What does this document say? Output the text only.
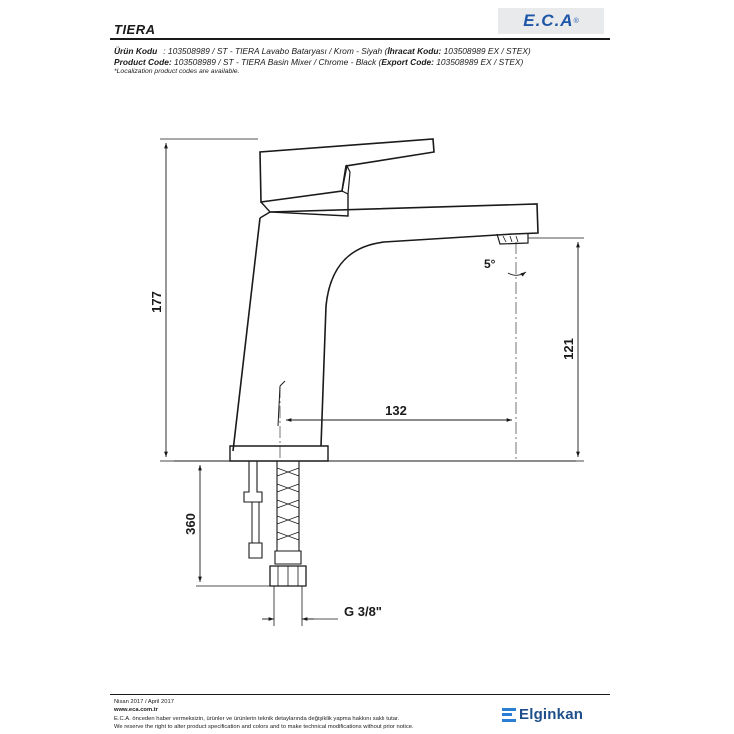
TIERA	E.C.A ®
Ürün Kodu : 103508989 / ST - TIERA Lavabo Bataryası / Krom - Siyah (İhracat Kodu: 103508989 EX / STEX)
Product Code: 103508989 / ST - TIERA Basin Mixer / Chrome - Black (Export Code: 103508989 EX / STEX)
*Localization product codes are available.
177
121
132
360
5°
G 3/8"
Nisan 2017 / April 2017
www.eca.com.tr
E.C.A. önceden haber vermeksizin, ürünler ve ürünlerin teknik detaylarında değişiklik yapma hakkını saklı tutar.
We reserve the right to alter product specification and colors and to make technical modifications without prior notice.
Elginkan
